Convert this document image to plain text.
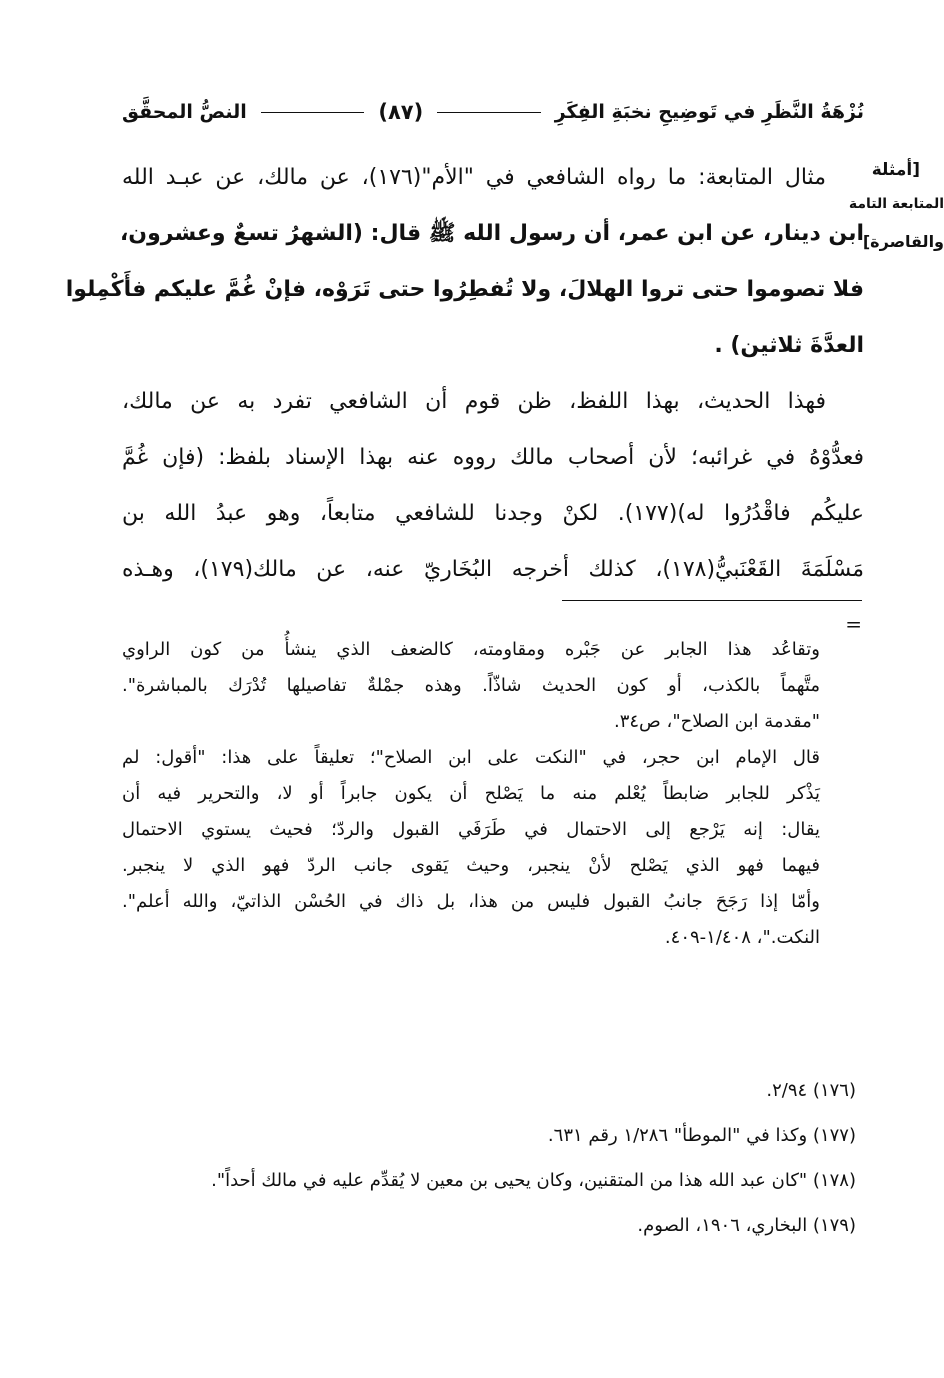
نُزْهَةُ النَّظَرِ في تَوضِيحِ نخبَةِ الفِكَرِ
(٨٧)
النصُّ المحقَّق
[أمثلة
المتابعة التامة
والقاصرة]
مثال المتابعة: ما رواه الشافعي في "الأم"(١٧٦)، عن مالك، عن عبـد الله
ابن دينار، عن ابن عمر، أن رسول الله ﷺ قال: (الشهرُ تسعٌ وعشرون،
فلا تصوموا حتى تروا الهلالَ، ولا تُفطِرُوا حتى تَرَوْه، فإنْ غُمَّ عليكم فأَكْمِلوا
العدَّةَ ثلاثين) .
فهذا الحديث، بهذا اللفظ، ظن قوم أن الشافعي تفرد به عن مالك،
فعدُّوْهُ في غرائبه؛ لأن أصحاب مالك رووه عنه بهذا الإسناد بلفظ: (فإن غُمَّ
عليكُم فاقْدُرُوا له)(١٧٧). لكنْ وجدنا للشافعي متابعاً، وهو عبدُ الله بن
مَسْلَمَةَ القَعْنَبيُّ(١٧٨)، كذلك أخرجه البُخَاريّ عنه، عن مالك(١٧٩)، وهـذه
=
وتقاعُد هذا الجابر عن جَبْره ومقاومته، كالضعف الذي ينشأُ من كون الراوي
متَّهماً بالكذب، أو كون الحديث شاذّاً. وهذه جمْلةٌ تفاصيلها تُدْرَك بالمباشرة".
"مقدمة ابن الصلاح"، ص٣٤.
قال الإمام ابن حجر، في "النكت على ابن الصلاح"؛ تعليقاً على هذا: "أقول: لم
يَذْكر للجابر ضابطاً يُعْلم منه ما يَصْلح أن يكون جابراً أو لا، والتحرير فيه أن
يقال: إنه يَرْجع إلى الاحتمال في طَرَفَي القبول والردّ؛ فحيث يستوي الاحتمال
فيهما فهو الذي يَصْلح لأنْ ينجبر، وحيث يَقوى جانب الردّ فهو الذي لا ينجبر.
وأمّا إذا رَجَحَ جانبُ القبول فليس من هذا، بل ذاك في الحُسْن الذاتيّ، والله أعلم".
النكت."، ١/٤٠٨-٤٠٩.
(١٧٦) ٢/٩٤.
(١٧٧) وكذا في "الموطأ" ١/٢٨٦ رقم ٦٣١.
(١٧٨) "كان عبد الله هذا من المتقنين، وكان يحيى بن معين لا يُقدِّم عليه في مالك أحداً".
(١٧٩) البخاري، ١٩٠٦، الصوم.
